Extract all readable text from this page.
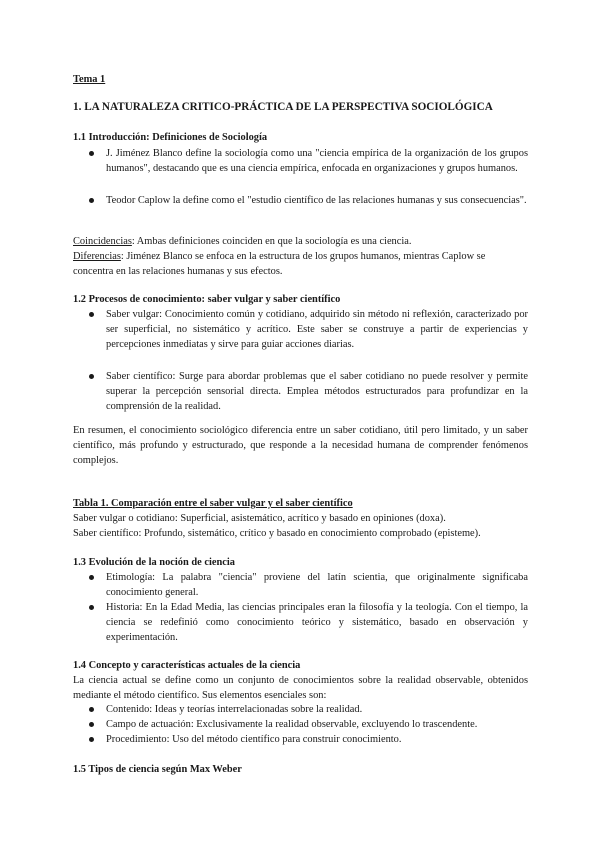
Tema 1
1. LA NATURALEZA CRITICO-PRÁCTICA DE LA PERSPECTIVA SOCIOLÓGICA
1.1 Introducción: Definiciones de Sociología
J. Jiménez Blanco define la sociología como una "ciencia empírica de la organización de los grupos humanos", destacando que es una ciencia empírica, enfocada en organizaciones y grupos humanos.
Teodor Caplow la define como el "estudio científico de las relaciones humanas y sus consecuencias".
Coincidencias: Ambas definiciones coinciden en que la sociología es una ciencia.
Diferencias: Jiménez Blanco se enfoca en la estructura de los grupos humanos, mientras Caplow se concentra en las relaciones humanas y sus efectos.
1.2 Procesos de conocimiento: saber vulgar y saber científico
Saber vulgar: Conocimiento común y cotidiano, adquirido sin método ni reflexión, caracterizado por ser superficial, no sistemático y acrítico. Este saber se construye a partir de experiencias y percepciones inmediatas y sirve para guiar acciones diarias.
Saber científico: Surge para abordar problemas que el saber cotidiano no puede resolver y permite superar la percepción sensorial directa. Emplea métodos estructurados para profundizar en la comprensión de la realidad.
En resumen, el conocimiento sociológico diferencia entre un saber cotidiano, útil pero limitado, y un saber científico, más profundo y estructurado, que responde a la necesidad humana de comprender fenómenos complejos.
Tabla 1. Comparación entre el saber vulgar y el saber científico
Saber vulgar o cotidiano: Superficial, asistemático, acrítico y basado en opiniones (doxa).
Saber científico: Profundo, sistemático, crítico y basado en conocimiento comprobado (episteme).
1.3 Evolución de la noción de ciencia
Etimología: La palabra "ciencia" proviene del latín scientia, que originalmente significaba conocimiento general.
Historia: En la Edad Media, las ciencias principales eran la filosofía y la teología. Con el tiempo, la ciencia se redefinió como conocimiento teórico y sistemático, basado en observación y experimentación.
1.4 Concepto y características actuales de la ciencia
La ciencia actual se define como un conjunto de conocimientos sobre la realidad observable, obtenidos mediante el método científico. Sus elementos esenciales son:
Contenido: Ideas y teorías interrelacionadas sobre la realidad.
Campo de actuación: Exclusivamente la realidad observable, excluyendo lo trascendente.
Procedimiento: Uso del método científico para construir conocimiento.
1.5 Tipos de ciencia según Max Weber
